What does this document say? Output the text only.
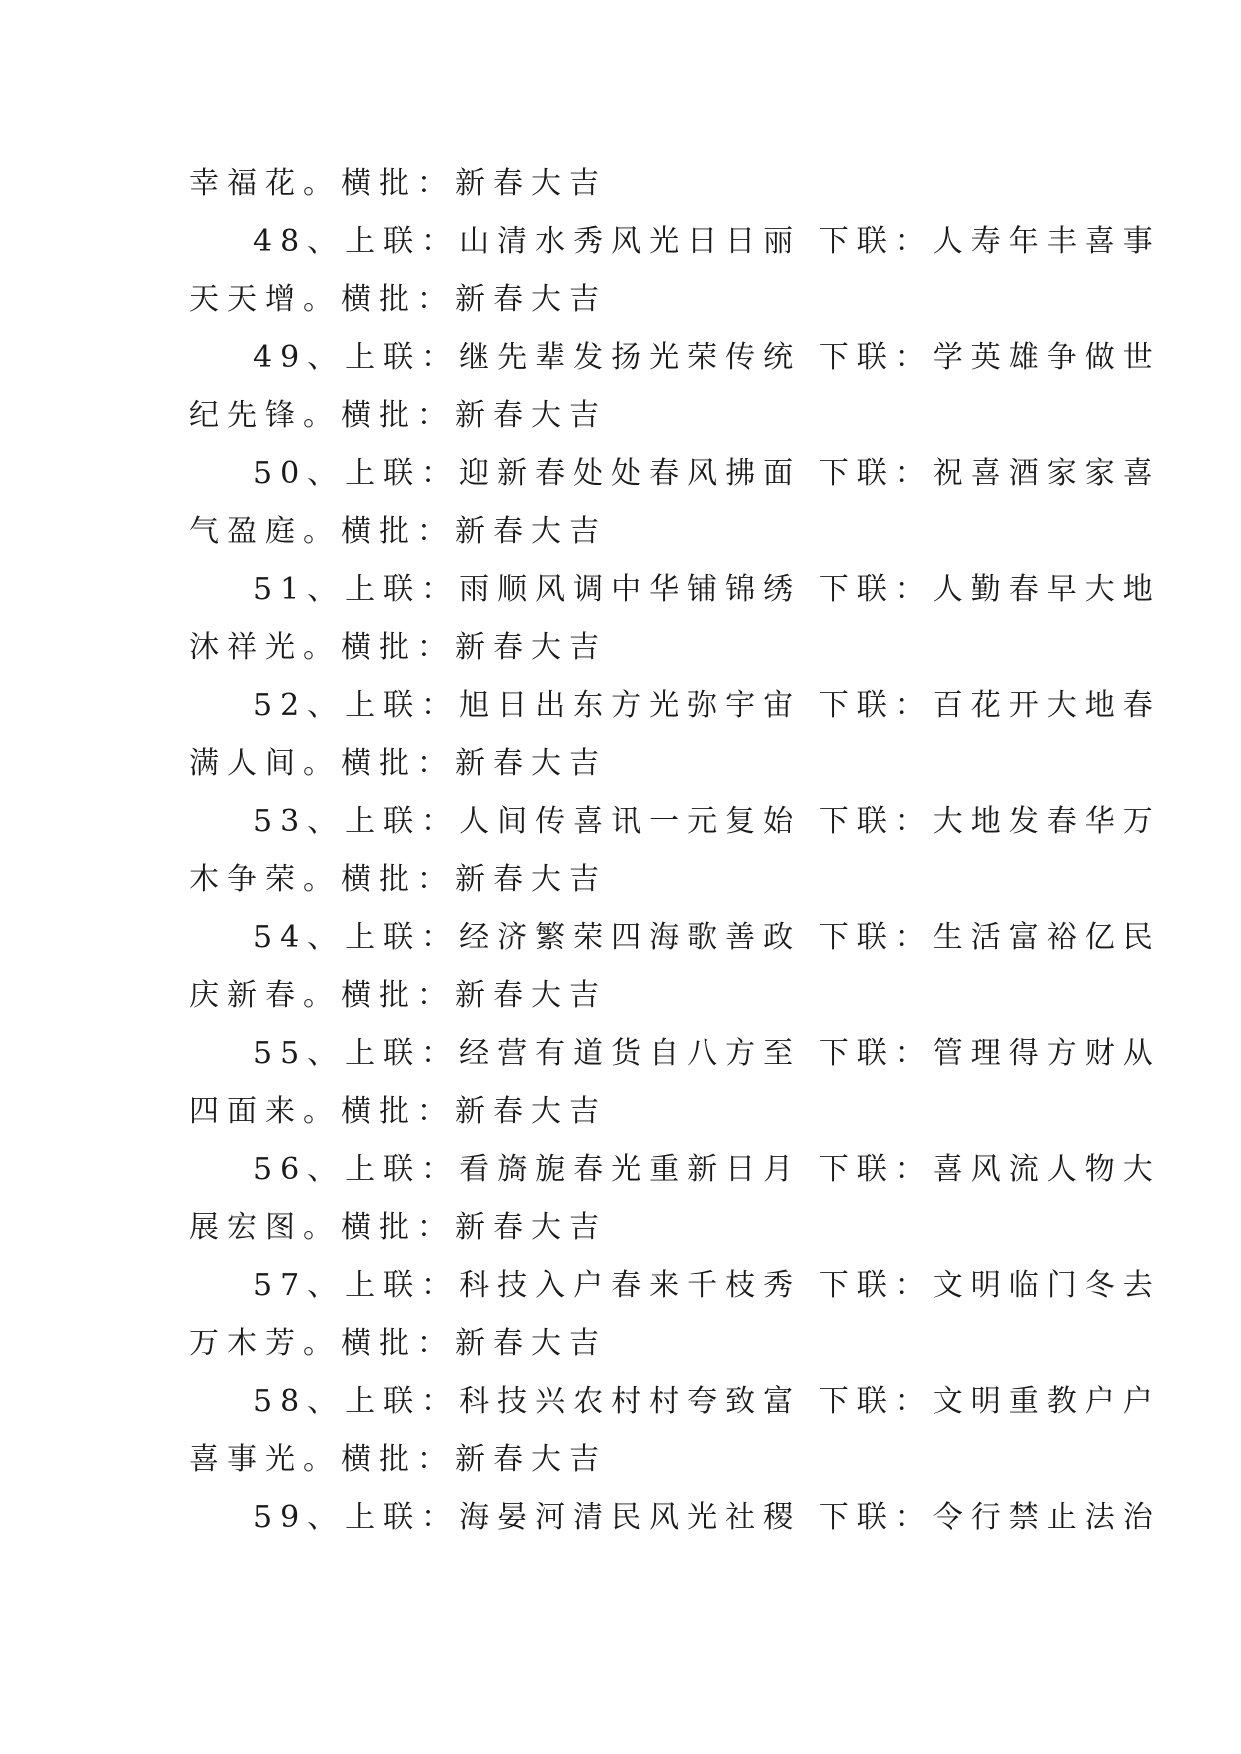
幸福花。横批：新春大吉
48、上联：山清水秀风光日日丽 下联：人寿年丰喜事
天天增。横批：新春大吉
49、上联：继先辈发扬光荣传统 下联：学英雄争做世
纪先锋。横批：新春大吉
50、上联：迎新春处处春风拂面 下联：祝喜酒家家喜
气盈庭。横批：新春大吉
51、上联：雨顺风调中华铺锦绣 下联：人勤春早大地
沐祥光。横批：新春大吉
52、上联：旭日出东方光弥宇宙 下联：百花开大地春
满人间。横批：新春大吉
53、上联：人间传喜讯一元复始 下联：大地发春华万
木争荣。横批：新春大吉
54、上联：经济繁荣四海歌善政 下联：生活富裕亿民
庆新春。横批：新春大吉
55、上联：经营有道货自八方至 下联：管理得方财从
四面来。横批：新春大吉
56、上联：看旖旎春光重新日月 下联：喜风流人物大
展宏图。横批：新春大吉
57、上联：科技入户春来千枝秀 下联：文明临门冬去
万木芳。横批：新春大吉
58、上联：科技兴农村村夸致富 下联：文明重教户户
喜事光。横批：新春大吉
59、上联：海晏河清民风光社稷 下联：令行禁止法治
